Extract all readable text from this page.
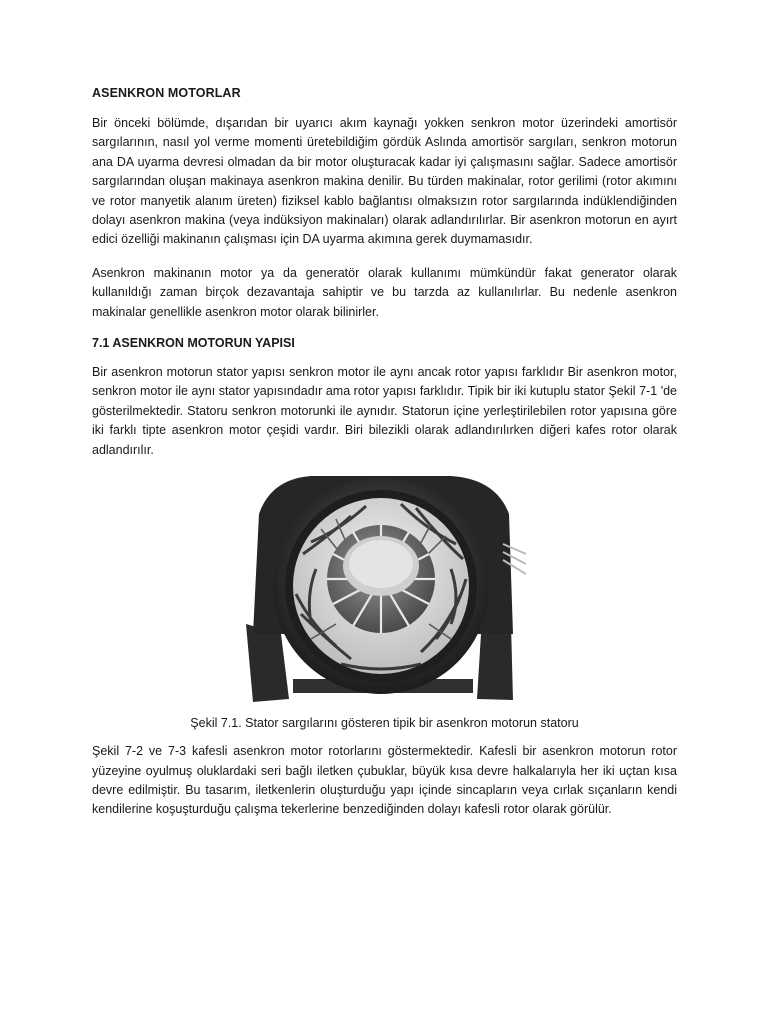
ASENKRON MOTORLAR

Bir önceki bölümde, dışarıdan bir uyarıcı akım kaynağı yokken senkron motor üzerindeki amortisör sargılarının, nasıl yol verme momenti üretebildiğim gördük Aslında amortisör sargıları, senkron motorun ana DA uyarma devresi olmadan da bir motor oluşturacak kadar iyi çalışmasını sağlar. Sadece amortisör sargılarından oluşan makinaya asenkron makina denilir. Bu türden makinalar, rotor gerilimi (rotor akımını ve rotor manyetik alanım üreten) fiziksel kablo bağlantısı olmaksızın rotor sargılarında indüklendiğinden dolayı asenkron makina (veya indüksiyon makinaları) olarak adlandırılırlar. Bir asenkron motorun en ayırt edici özelliği makinanın çalışması için DA uyarma akımına gerek duymamasıdır.

Asenkron makinanın motor ya da generatör olarak kullanımı mümkündür fakat generator olarak kullanıldığı zaman birçok dezavantaja sahiptir ve bu tarzda az kullanılırlar. Bu nedenle asenkron makinalar genellikle asenkron motor olarak bilinirler.

7.1 ASENKRON MOTORUN YAPISI

Bir asenkron motorun stator yapısı senkron motor ile aynı ancak rotor yapısı farklıdır Bir asenkron motor, senkron motor ile aynı stator yapısındadır ama rotor yapısı farklıdır. Tipik bir iki kutuplu stator Şekil 7-1 'de gösterilmektedir. Statoru senkron motorunki ile aynıdır. Statorun içine yerleştirilebilen rotor yapısına göre iki farklı tipte asenkron motor çeşidi vardır. Biri bilezikli olarak adlandırılırken diğeri kafes rotor olarak adlandırılır.

Şekil 7.1. Stator sargılarını gösteren tipik bir asenkron motorun statoru

Şekil 7-2 ve 7-3 kafesli asenkron motor rotorlarını göstermektedir. Kafesli bir asenkron motorun rotor yüzeyine oyulmuş oluklardaki seri bağlı iletken çubuklar, büyük kısa devre halkalarıyla her iki uçtan kısa devre edilmiştir. Bu tasarım, iletkenlerin oluşturduğu yapı içinde sincapların veya cırlak sıçanların kendi kendilerine koşuşturduğu çalışma tekerlerine benzediğinden dolayı kafesli rotor olarak görülür.
